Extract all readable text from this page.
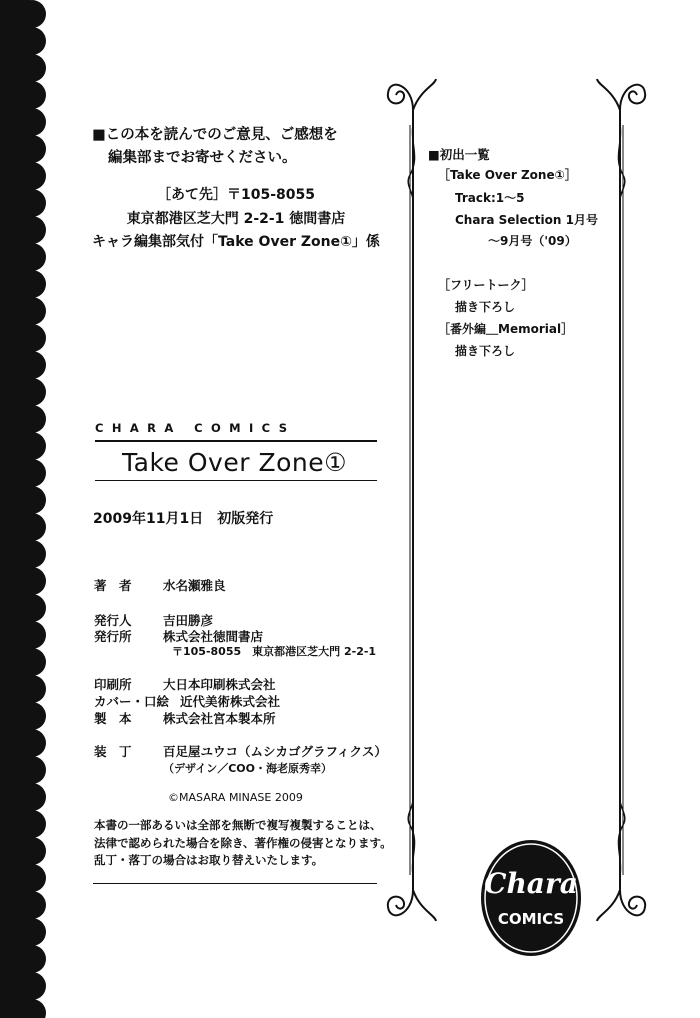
■この本を読んでのご意見、ご感想を
編集部までお寄せください。
［あて先］〒105-8055
東京都港区芝大門 2-2-1 徳間書店
キャラ編集部気付「Take Over Zone①」係
CHARA COMICS
Take Over Zone①
2009年11月1日　初版発行
著　者	水名瀬雅良
発行人	吉田勝彦
発行所	株式会社徳間書店
〒105-8055　東京都港区芝大門 2-2-1
印刷所	大日本印刷株式会社
カバー・口絵 近代美術株式会社
製　本	株式会社宮本製本所
装　丁	百足屋ユウコ（ムシカゴグラフィクス）
（デザイン／COO・海老原秀幸）
©MASARA MINASE 2009
本書の一部あるいは全部を無断で複写複製することは、
法律で認められた場合を除き、著作権の侵害となります。
乱丁・落丁の場合はお取り替えいたします。
■初出一覧
［Take Over Zone①］
Track:1～5
Chara Selection 1月号
～9月号（'09）
［フリートーク］
描き下ろし
［番外編＿Memorial］
描き下ろし
Chara
COMICS
